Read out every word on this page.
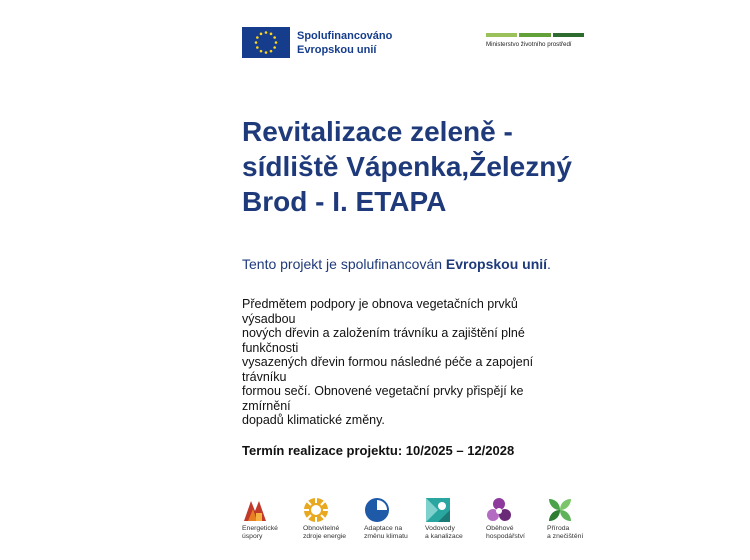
Spolufinancováno
Evropskou unií	Ministerstvo životního prostředí
Revitalizace zeleně -
sídliště Vápenka,Železný
Brod - I. ETAPA
Tento projekt je spolufinancován Evropskou unií.
Předmětem podpory je obnova vegetačních prvků výsadbou
nových dřevin a založením trávníku a zajištění plné funkčnosti
vysazených dřevin formou následné péče a zapojení trávníku
formou sečí. Obnovené vegetační prvky přispějí ke zmírnění
dopadů klimatické změny.
Termín realizace projektu: 10/2025 – 12/2028
Energetické
úspory
Obnovitelné
zdroje energie
Adaptace na
změnu klimatu
Vodovody
a kanalizace
Oběhové
hospodářství
Příroda
a znečištění
